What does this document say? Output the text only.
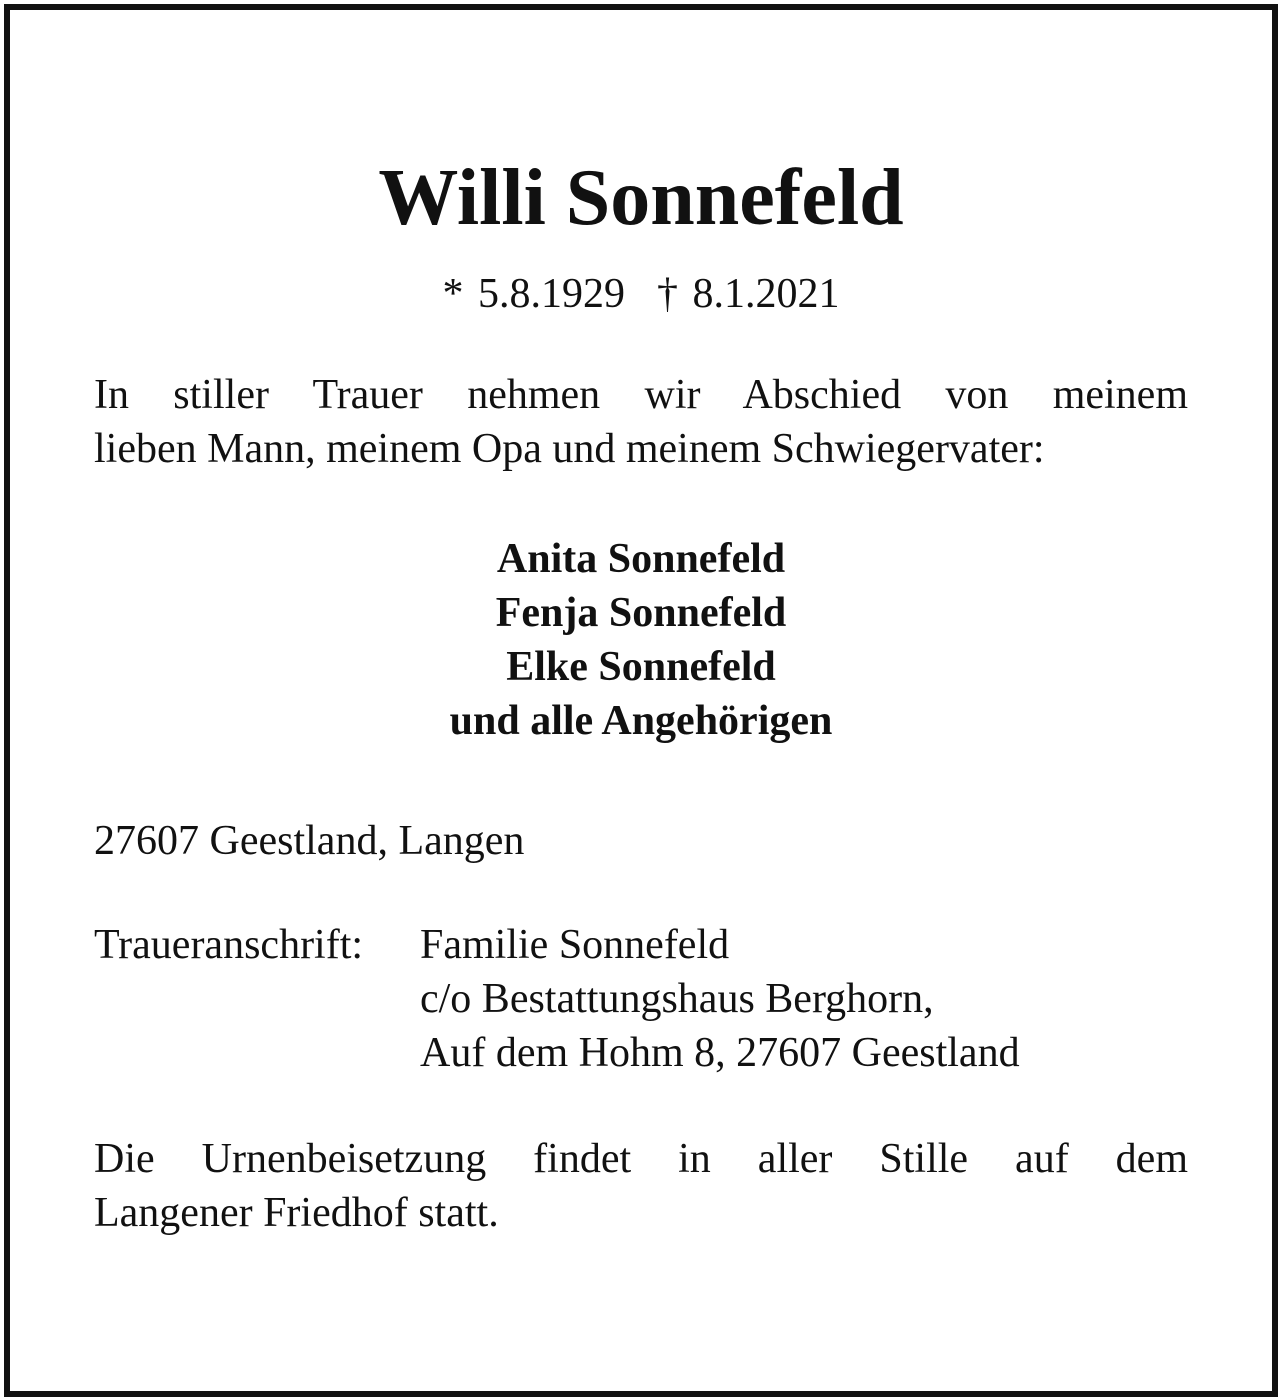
Willi Sonnefeld
* 5.8.1929 † 8.1.2021

In stiller Trauer nehmen wir Abschied von meinem
lieben Mann, meinem Opa und meinem Schwiegervater:

Anita Sonnefeld
Fenja Sonnefeld
Elke Sonnefeld
und alle Angehörigen
27607 Geestland, Langen
Traueranschrift: Familie Sonnefeld
c/o Bestattungshaus Berghorn,
Auf dem Hohm 8, 27607 Geestland

Die Urnenbeisetzung findet in aller Stille auf dem
Langener Friedhof statt.
